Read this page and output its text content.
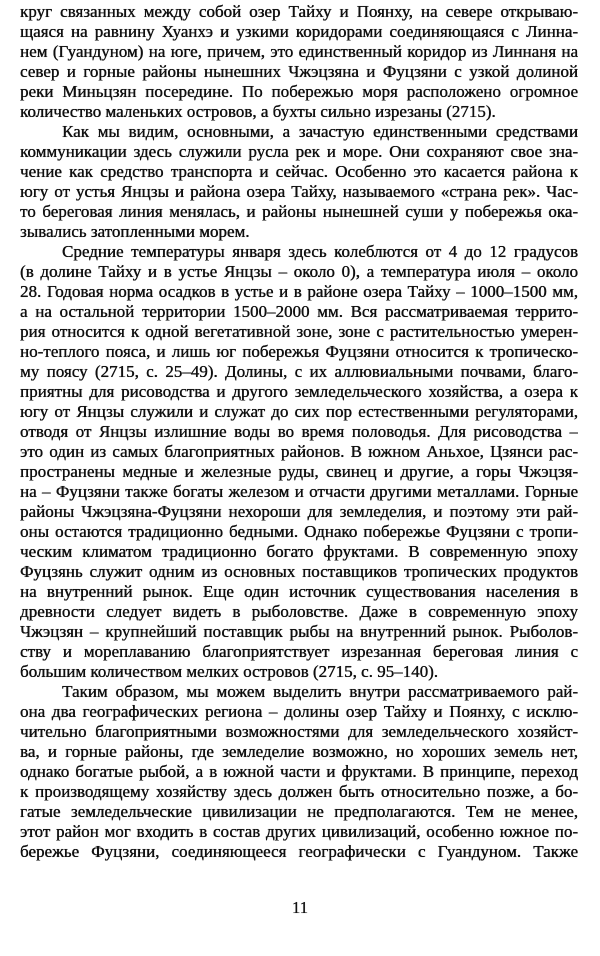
круг связанных между собой озер Тайху и Поянху, на севере открываю-
щаяся на равнину Хуанхэ и узкими коридорами соединяющаяся с Линна-
нем (Гуандуном) на юге, причем, это единственный коридор из Линнаня на
север и горные районы нынешних Чжэцзяна и Фуцзяни с узкой долиной
реки Миньцзян посередине. По побережью моря расположено огромное
количество маленьких островов, а бухты сильно изрезаны (2715).
Как мы видим, основными, а зачастую единственными средствами
коммуникации здесь служили русла рек и море. Они сохраняют свое зна-
чение как средство транспорта и сейчас. Особенно это касается района к
югу от устья Янцзы и района озера Тайху, называемого «страна рек». Час-
то береговая линия менялась, и районы нынешней суши у побережья ока-
зывались затопленными морем.
Средние температуры января здесь колеблются от 4 до 12 градусов
(в долине Тайху и в устье Янцзы – около 0), а температура июля – около
28. Годовая норма осадков в устье и в районе озера Тайху – 1000–1500 мм,
а на остальной территории 1500–2000 мм. Вся рассматриваемая террито-
рия относится к одной вегетативной зоне, зоне с растительностью умерен-
но-теплого пояса, и лишь юг побережья Фуцзяни относится к тропическо-
му поясу (2715, с. 25–49). Долины, с их аллювиальными почвами, благо-
приятны для рисоводства и другого земледельческого хозяйства, а озера к
югу от Янцзы служили и служат до сих пор естественными регуляторами,
отводя от Янцзы излишние воды во время половодья. Для рисоводства –
это один из самых благоприятных районов. В южном Аньхое, Цзянси рас-
пространены медные и железные руды, свинец и другие, а горы Чжэцзя-
на – Фуцзяни также богаты железом и отчасти другими металлами. Горные
районы Чжэцзяна-Фуцзяни нехороши для земледелия, и поэтому эти рай-
оны остаются традиционно бедными. Однако побережье Фуцзяни с тропи-
ческим климатом традиционно богато фруктами. В современную эпоху
Фуцзянь служит одним из основных поставщиков тропических продуктов
на внутренний рынок. Еще один источник существования населения в
древности следует видеть в рыболовстве. Даже в современную эпоху
Чжэцзян – крупнейший поставщик рыбы на внутренний рынок. Рыболов-
ству и мореплаванию благоприятствует изрезанная береговая линия с
большим количеством мелких островов (2715, с. 95–140).
Таким образом, мы можем выделить внутри рассматриваемого рай-
она два географических региона – долины озер Тайху и Поянху, с исклю-
чительно благоприятными возможностями для земледельческого хозяйст-
ва, и горные районы, где земледелие возможно, но хороших земель нет,
однако богатые рыбой, а в южной части и фруктами. В принципе, переход
к производящему хозяйству здесь должен быть относительно позже, а бо-
гатые земледельческие цивилизации не предполагаются. Тем не менее,
этот район мог входить в состав других цивилизаций, особенно южное по-
бережье Фуцзяни, соединяющееся географически с Гуандуном. Также
11
